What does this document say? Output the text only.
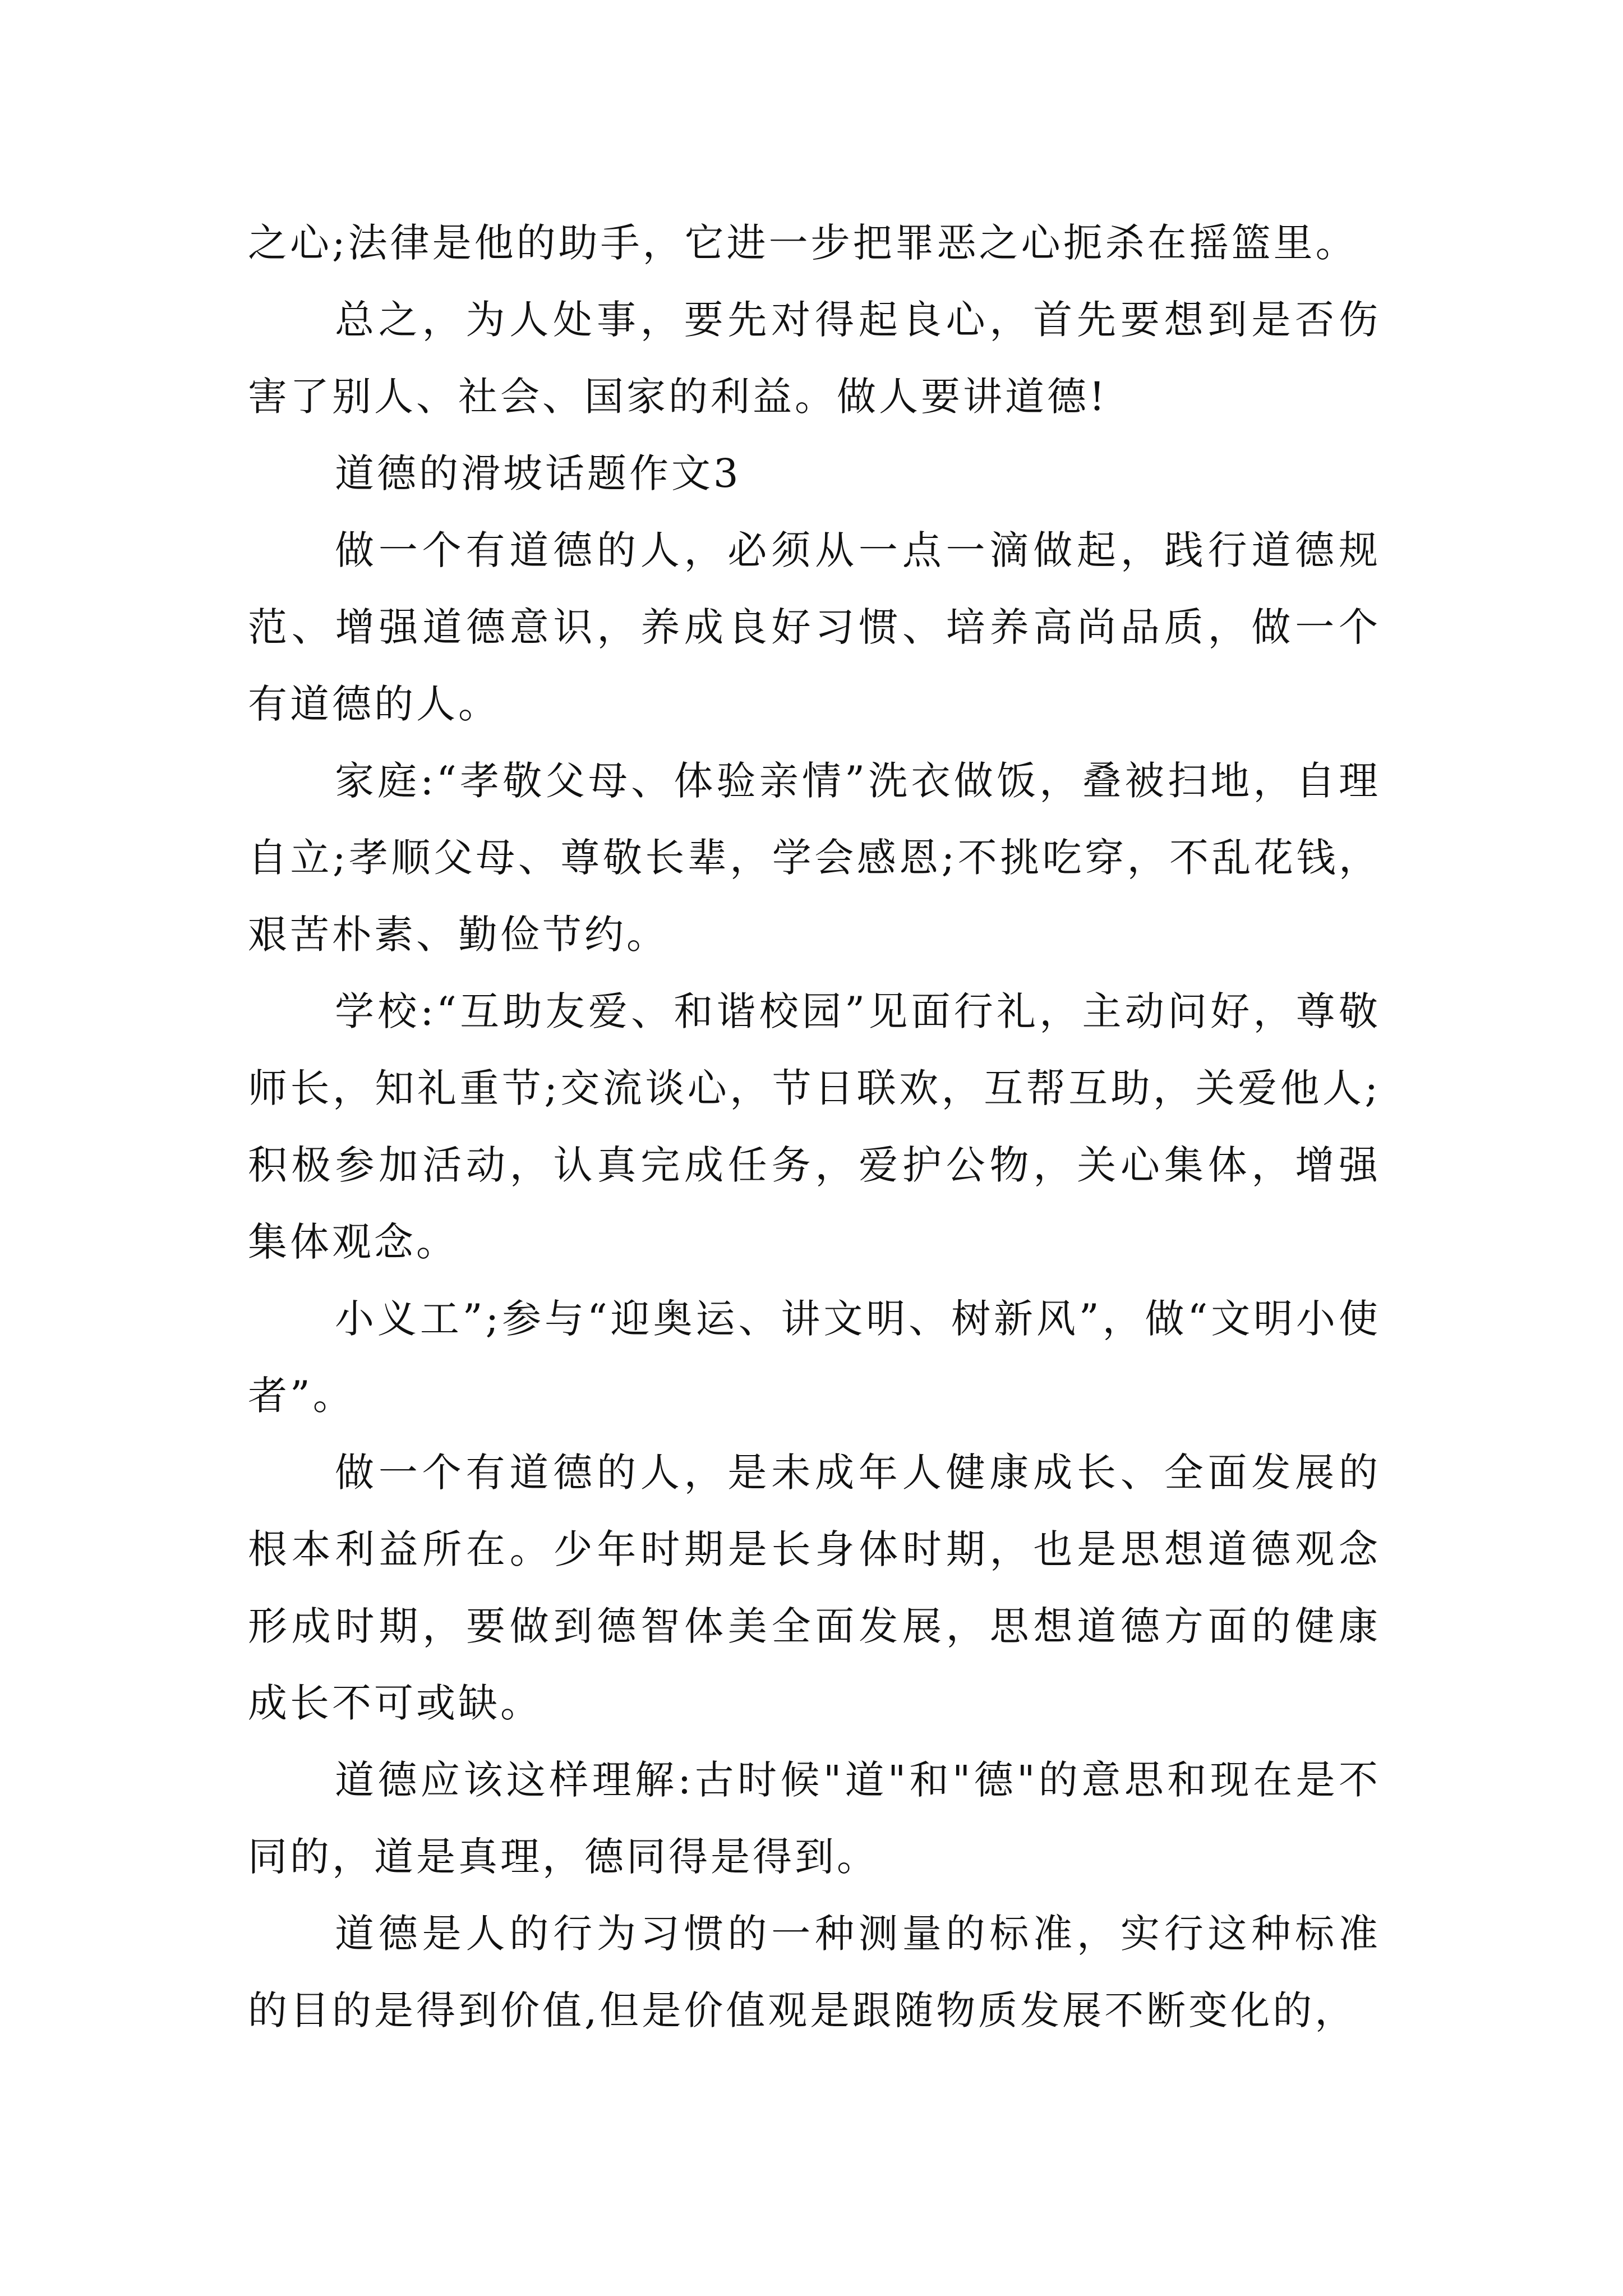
之心;法律是他的助手，它进一步把罪恶之心扼杀在摇篮里。

总之，为人处事，要先对得起良心，首先要想到是否伤害了别人、社会、国家的利益。做人要讲道德!

道德的滑坡话题作文3

做一个有道德的人，必须从一点一滴做起，践行道德规范、增强道德意识，养成良好习惯、培养高尚品质，做一个有道德的人。

家庭:“孝敬父母、体验亲情”洗衣做饭，叠被扫地，自理自立;孝顺父母、尊敬长辈，学会感恩;不挑吃穿，不乱花钱，艰苦朴素、勤俭节约。

学校:“互助友爱、和谐校园”见面行礼，主动问好，尊敬师长，知礼重节;交流谈心，节日联欢，互帮互助，关爱他人;积极参加活动，认真完成任务，爱护公物，关心集体，增强集体观念。

小义工”;参与“迎奥运、讲文明、树新风”，做“文明小使者”。

做一个有道德的人，是未成年人健康成长、全面发展的根本利益所在。少年时期是长身体时期，也是思想道德观念形成时期，要做到德智体美全面发展，思想道德方面的健康成长不可或缺。

道德应该这样理解:古时候"道"和"德"的意思和现在是不同的，道是真理，德同得是得到。

道德是人的行为习惯的一种测量的标准，实行这种标准的目的是得到价值,但是价值观是跟随物质发展不断变化的，
